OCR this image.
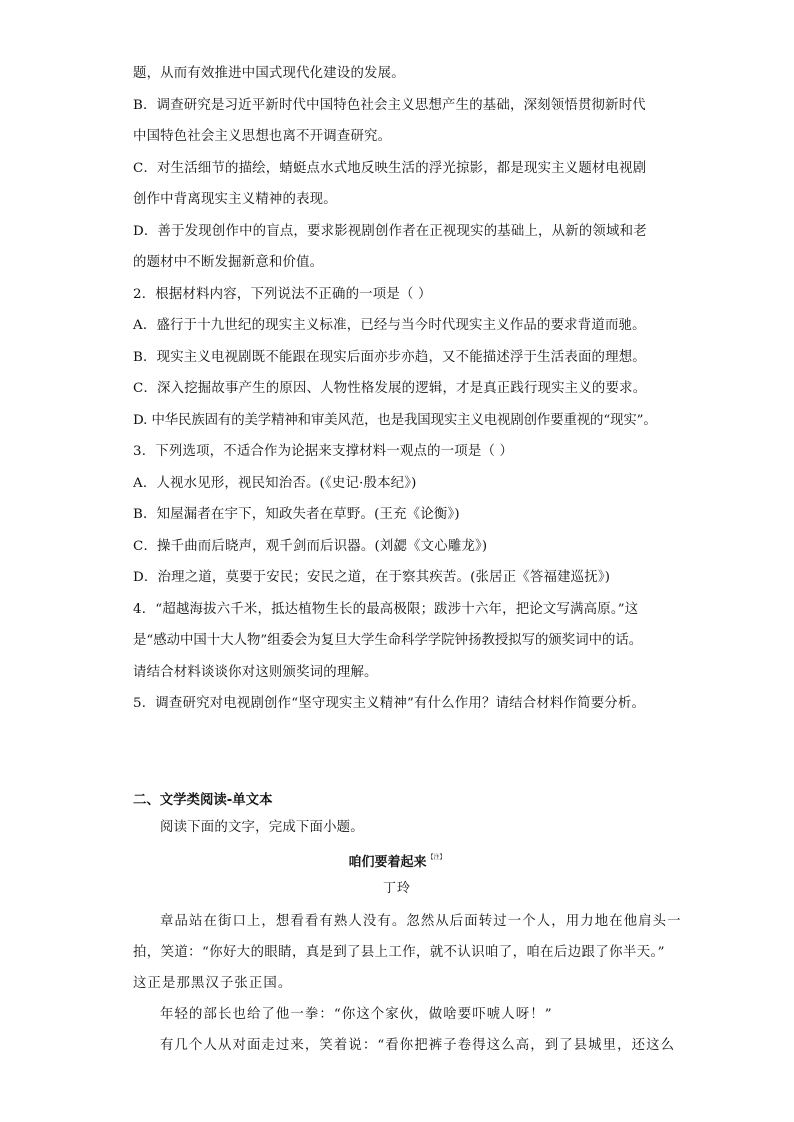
题，从而有效推进中国式现代化建设的发展。
B．调查研究是习近平新时代中国特色社会主义思想产生的基础，深刻领悟贯彻新时代
中国特色社会主义思想也离不开调查研究。
C．对生活细节的描绘，蜻蜓点水式地反映生活的浮光掠影，都是现实主义题材电视剧
创作中背离现实主义精神的表现。
D．善于发现创作中的盲点，要求影视剧创作者在正视现实的基础上，从新的领域和老
的题材中不断发掘新意和价值。
2．根据材料内容，下列说法不正确的一项是（ ）
A．盛行于十九世纪的现实主义标准，已经与当今时代现实主义作品的要求背道而驰。
B．现实主义电视剧既不能跟在现实后面亦步亦趋，又不能描述浮于生活表面的理想。
C．深入挖掘故事产生的原因、人物性格发展的逻辑，才是真正践行现实主义的要求。
D. 中华民族固有的美学精神和审美风范，也是我国现实主义电视剧创作要重视的“现实”。
3．下列选项，不适合作为论据来支撑材料一观点的一项是（ ）
A．人视水见形，视民知治否。(《史记·殷本纪》)
B．知屋漏者在宇下，知政失者在草野。(王充《论衡》)
C．操千曲而后晓声，观千剑而后识器。(刘勰《文心雕龙》)
D．治理之道，莫要于安民；安民之道，在于察其疾苦。(张居正《答福建巡抚》)
4．“超越海拔六千米，抵达植物生长的最高极限；跋涉十六年，把论文写满高原。”这
是“感动中国十大人物”组委会为复旦大学生命科学学院钟扬教授拟写的颁奖词中的话。
请结合材料谈谈你对这则颁奖词的理解。
5．调查研究对电视剧创作“坚守现实主义精神”有什么作用？请结合材料作简要分析。
二、文学类阅读-单文本
阅读下面的文字，完成下面小题。
咱们要着起来$^{【注】}$
丁玲
章品站在街口上，想看看有熟人没有。忽然从后面转过一个人，用力地在他肩头一
拍，笑道：“你好大的眼睛，真是到了县上工作，就不认识咱了，咱在后边跟了你半天。”
这正是那黑汉子张正国。
年轻的部长也给了他一拳：“你这个家伙，做啥要吓唬人呀！”
有几个人从对面走过来，笑着说：“看你把裤子卷得这么高，到了县城里，还这么
